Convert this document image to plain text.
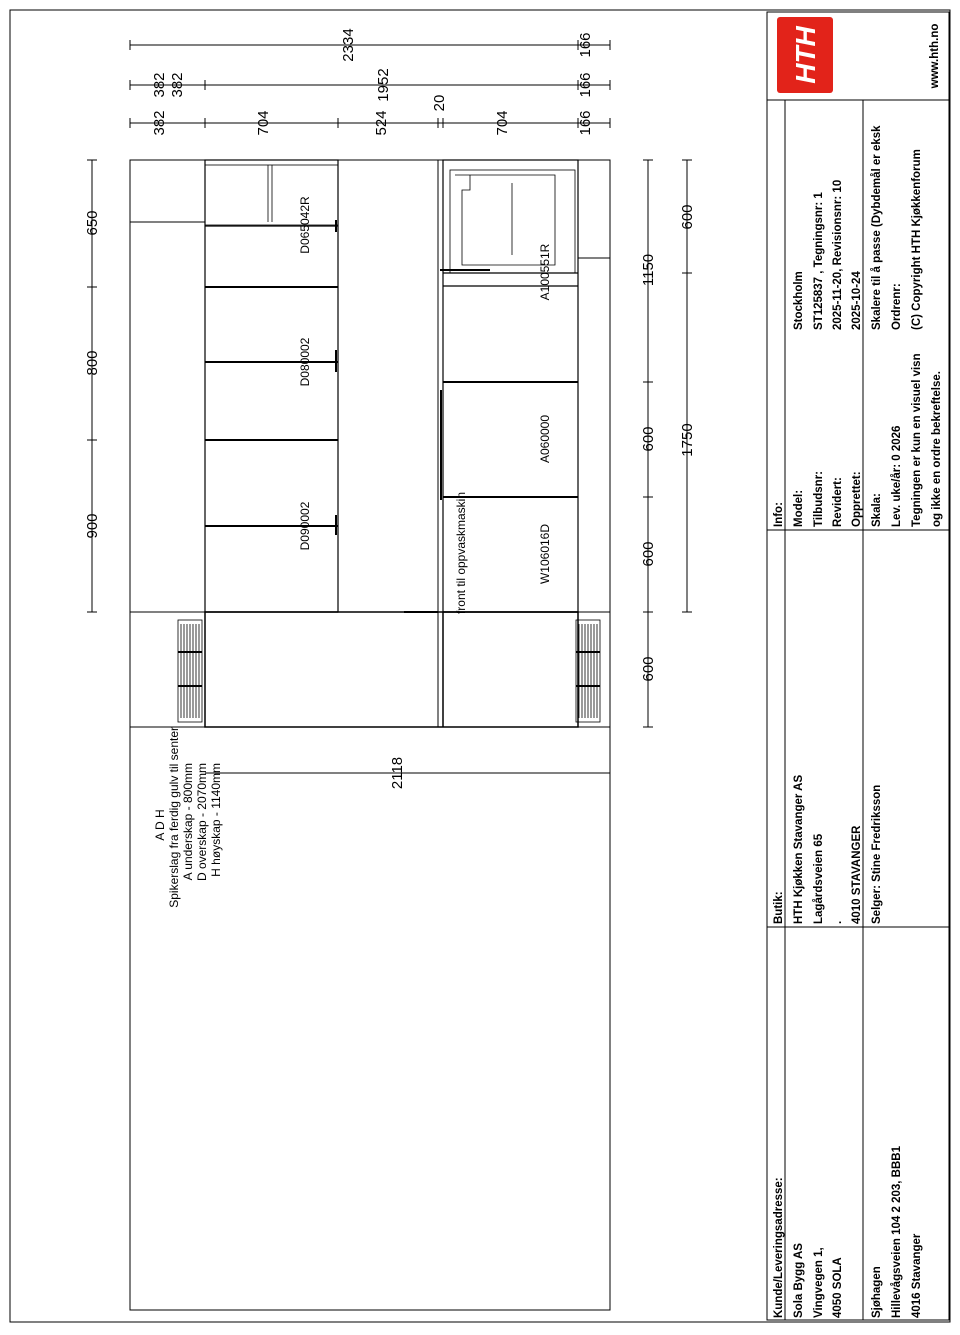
2334	166
382 382	1952	166
382	704	524
20
704	166
650
800
900
1150
600
600
600
600
1750
2118
D065042R
D080002
D090002
A100551R
A060000
W106016D
front til oppvaskmaskin
A D H Spikerslag fra ferdig gulv til senter A underskap - 800mm D overskap - 2070mm H høyskap - 1140mm
HTH	www.hth.no
Info: Model:
Stockholm
Tilbudsnr:
ST125837 , Tegningsnr: 1
Revidert:
2025-11-20, Revisionsnr: 10
Opprettet:
2025-10-24
Skala:
Skalere til å passe (Dybdemål er eksk
Lev. uke/år: 0 2026
Ordrenr:
Tegningen er kun en visuel visn
(C) Copyright HTH Kjøkkenforum
og ikke en ordre bekreftelse.
Butik: HTH Kjøkken Stavanger AS Lagårdsveien 65 . 4010 STAVANGER Selger: Stine Fredriksson
Kunde/Leveringsadresse: Sola Bygg AS Vingvegen 1, 4050 SOLA Sjøhagen Hillevågsveien 104 2 203, BBB1 4016 Stavanger
